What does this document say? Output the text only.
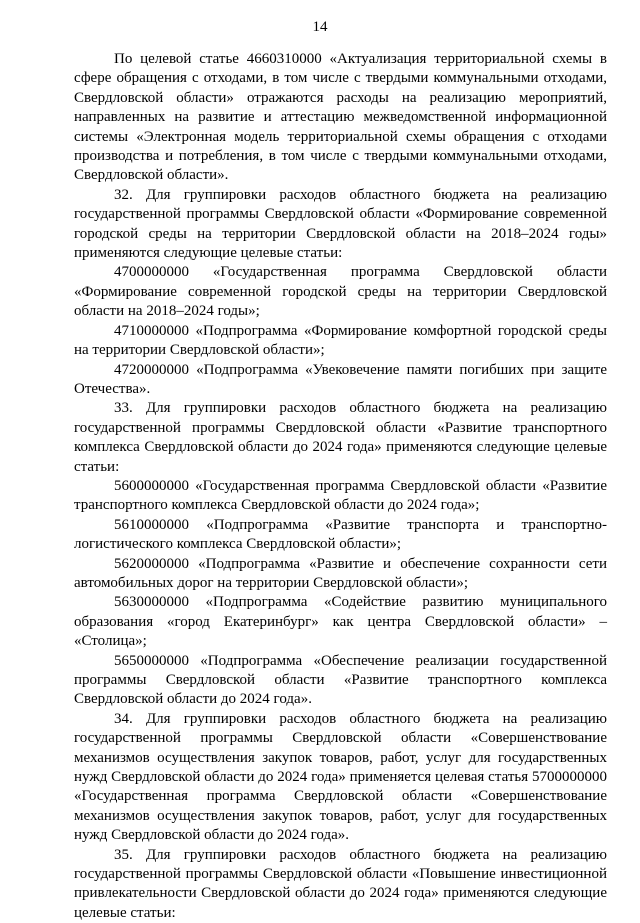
14

По целевой статье 4660310000 «Актуализация территориальной схемы в сфере обращения с отходами, в том числе с твердыми коммунальными отходами, Свердловской области» отражаются расходы на реализацию мероприятий, направленных на развитие и аттестацию межведомственной информационной системы «Электронная модель территориальной схемы обращения с отходами производства и потребления, в том числе с твердыми коммунальными отходами, Свердловской области».

32. Для группировки расходов областного бюджета на реализацию государственной программы Свердловской области «Формирование современной городской среды на территории Свердловской области на 2018–2024 годы» применяются следующие целевые статьи:

4700000000 «Государственная программа Свердловской области «Формирование современной городской среды на территории Свердловской области на 2018–2024 годы»;

4710000000 «Подпрограмма «Формирование комфортной городской среды на территории Свердловской области»;

4720000000 «Подпрограмма «Увековечение памяти погибших при защите Отечества».

33. Для группировки расходов областного бюджета на реализацию государственной программы Свердловской области «Развитие транспортного комплекса Свердловской области до 2024 года» применяются следующие целевые статьи:

5600000000 «Государственная программа Свердловской области «Развитие транспортного комплекса Свердловской области до 2024 года»;

5610000000 «Подпрограмма «Развитие транспорта и транспортно-логистического комплекса Свердловской области»;

5620000000 «Подпрограмма «Развитие и обеспечение сохранности сети автомобильных дорог на территории Свердловской области»;

5630000000 «Подпрограмма «Содействие развитию муниципального образования «город Екатеринбург» как центра Свердловской области» – «Столица»;

5650000000 «Подпрограмма «Обеспечение реализации государственной программы Свердловской области «Развитие транспортного комплекса Свердловской области до 2024 года».

34. Для группировки расходов областного бюджета на реализацию государственной программы Свердловской области «Совершенствование механизмов осуществления закупок товаров, работ, услуг для государственных нужд Свердловской области до 2024 года» применяется целевая статья 5700000000 «Государственная программа Свердловской области «Совершенствование механизмов осуществления закупок товаров, работ, услуг для государственных нужд Свердловской области до 2024 года».

35. Для группировки расходов областного бюджета на реализацию государственной программы Свердловской области «Повышение инвестиционной привлекательности Свердловской области до 2024 года» применяются следующие целевые статьи:
